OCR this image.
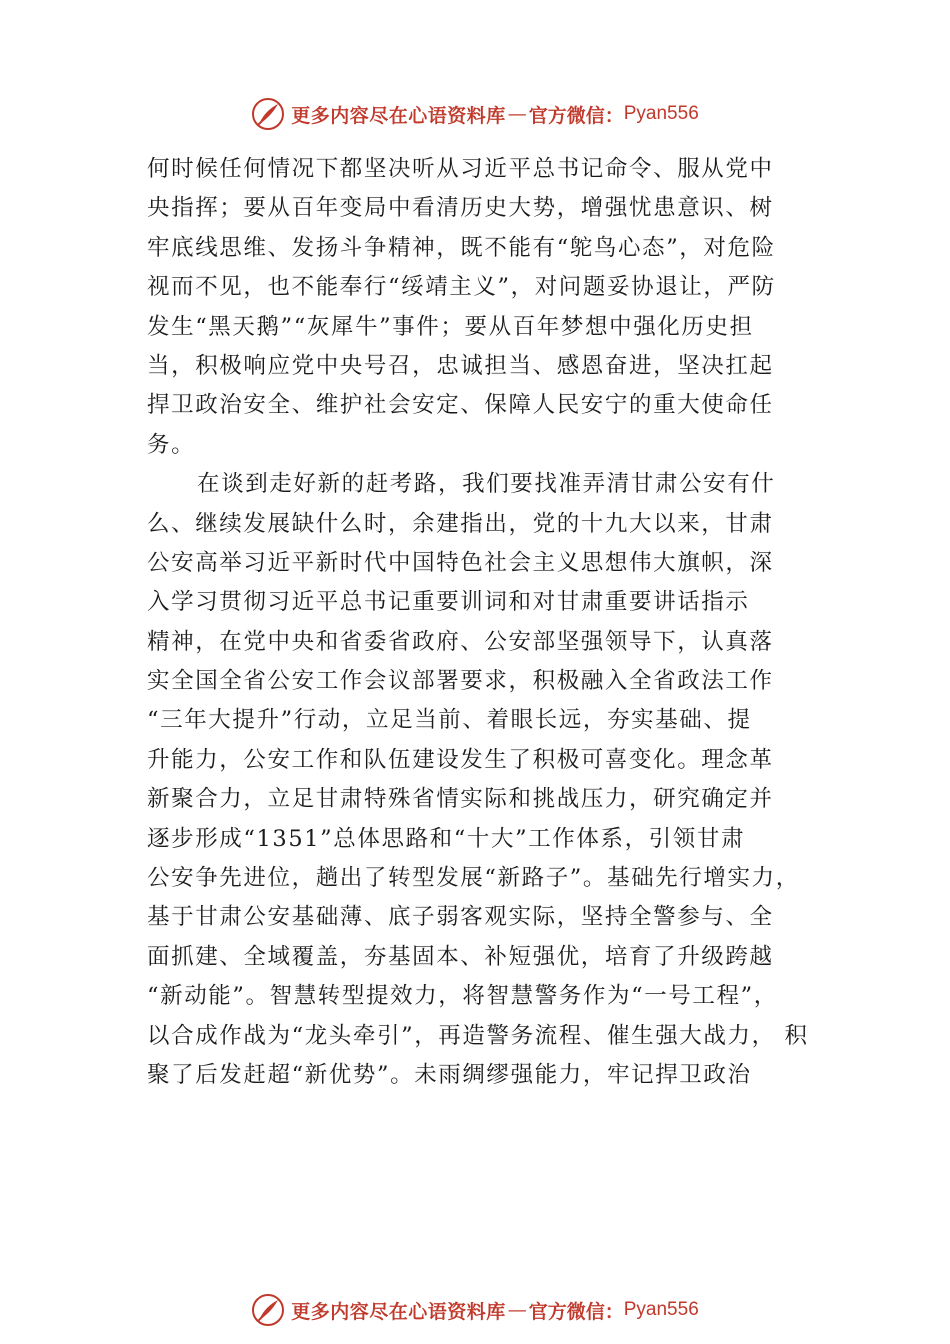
更多内容尽在心语资料库 — 官方微信： Pyan556
何时候任何情况下都坚决听从习近平总书记命令、服从党中
央指挥；要从百年变局中看清历史大势，增强忧患意识、树
牢底线思维、发扬斗争精神，既不能有“鸵鸟心态”，对危险
视而不见，也不能奉行“绥靖主义”，对问题妥协退让，严防
发生“黑天鹅”“灰犀牛”事件；要从百年梦想中强化历史担
当，积极响应党中央号召，忠诚担当、感恩奋进，坚决扛起
捍卫政治安全、维护社会安定、保障人民安宁的重大使命任
务。
在谈到走好新的赶考路，我们要找准弄清甘肃公安有什
么、继续发展缺什么时，余建指出，党的十九大以来，甘肃
公安高举习近平新时代中国特色社会主义思想伟大旗帜，深
入学习贯彻习近平总书记重要训词和对甘肃重要讲话指示
精神，在党中央和省委省政府、公安部坚强领导下，认真落
实全国全省公安工作会议部署要求，积极融入全省政法工作
“三年大提升”行动，立足当前、着眼长远，夯实基础、提
升能力，公安工作和队伍建设发生了积极可喜变化。理念革
新聚合力，立足甘肃特殊省情实际和挑战压力，研究确定并
逐步形成“1351”总体思路和“十大”工作体系，引领甘肃
公安争先进位，趟出了转型发展“新路子”。基础先行增实力，
基于甘肃公安基础薄、底子弱客观实际，坚持全警参与、全
面抓建、全域覆盖，夯基固本、补短强优，培育了升级跨越
“新动能”。智慧转型提效力，将智慧警务作为“一号工程”，
以合成作战为“龙头牵引”，再造警务流程、催生强大战力， 积
聚了后发赶超“新优势”。未雨绸缪强能力，牢记捍卫政治
更多内容尽在心语资料库 — 官方微信： Pyan556
